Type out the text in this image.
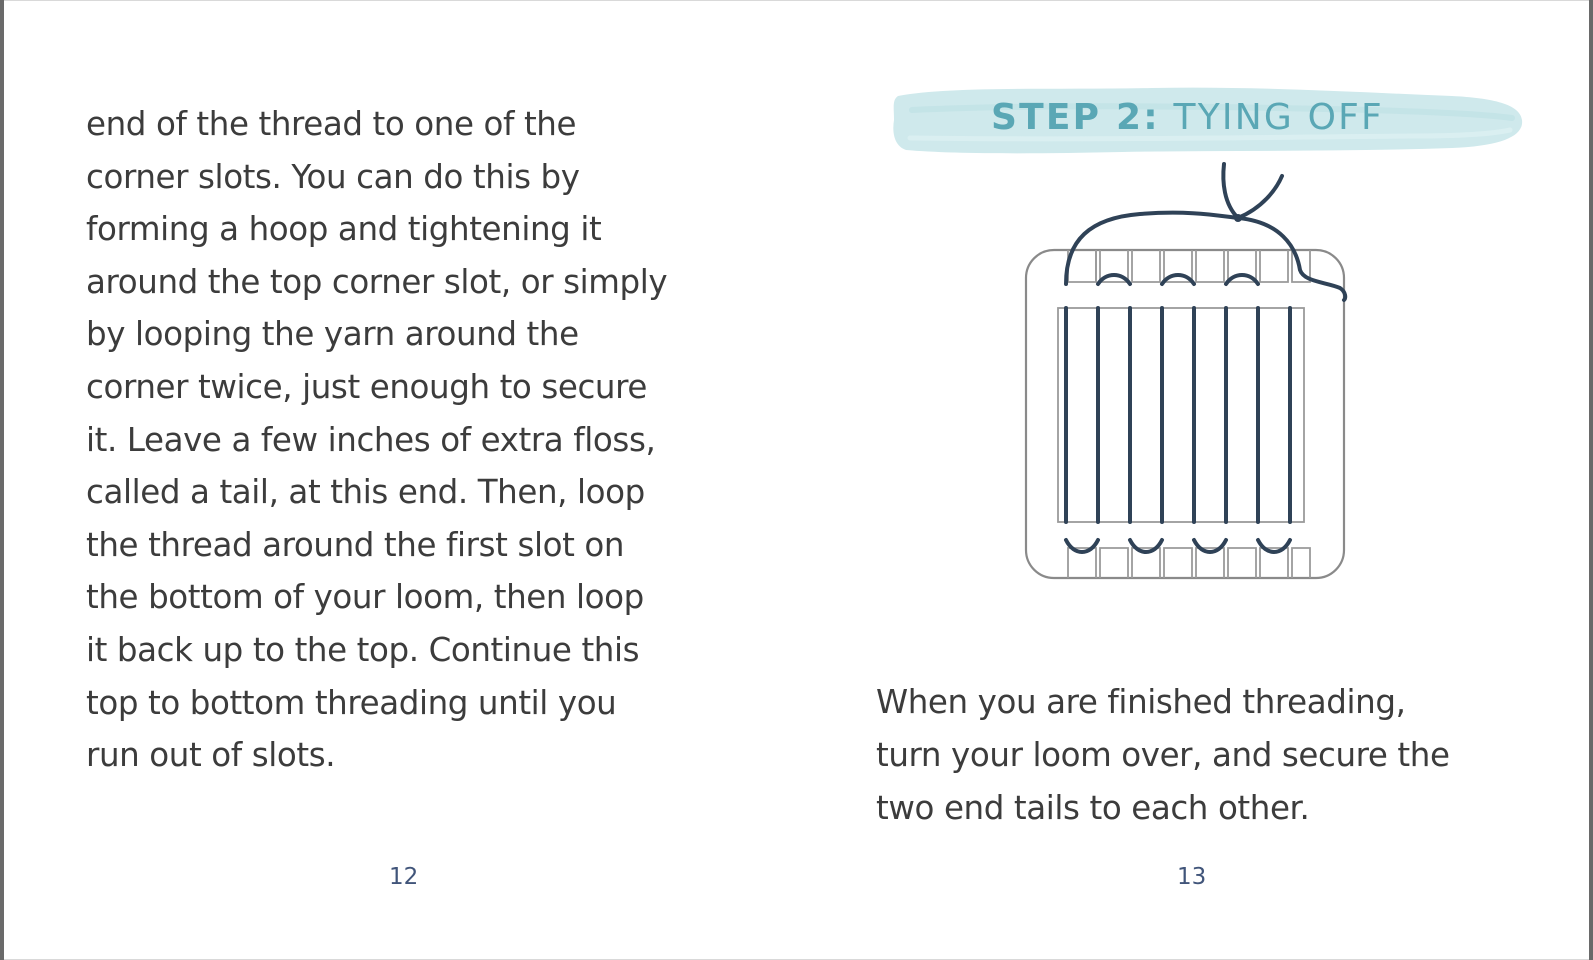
end of the thread to one of the
corner slots. You can do this by
forming a hoop and tightening it
around the top corner slot, or simply
by looping the yarn around the
corner twice, just enough to secure
it. Leave a few inches of extra floss,
called a tail, at this end. Then, loop
the thread around the first slot on
the bottom of your loom, then loop
it back up to the top. Continue this
top to bottom threading until you
run out of slots.
12
STEP 2: TYING OFF
When you are finished threading,
turn your loom over, and secure the
two end tails to each other.
13
